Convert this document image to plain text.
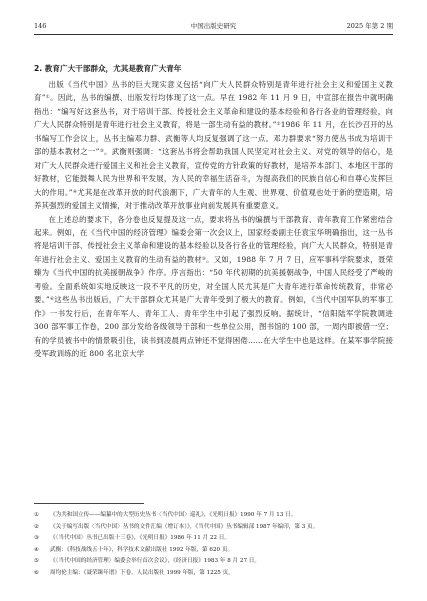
146	中国出版史研究	2025 年第 2 期
2. 教育广大干部群众，尤其是教育广大青年

出版《当代中国》丛书的巨大现实意义包括“向广大人民群众特别是青年进行社会主义和爱国主义教育”①。因此，丛书的编撰、出版发行均体现了这一点。早在 1982 年 11 月 9 日，中宣部在报告中就明确指出：“编写好这套丛书，对于培训干部、传授社会主义革命和建设的基本经验和各行各业的管理经验，向广大人民群众特别是青年进行社会主义教育，将是一部生动有益的教材。”②1986 年 11 月，在长沙召开的丛书编写工作会议上，丛书主编邓力群、武衡等人均反复强调了这一点。邓力群要求“努力使丛书成为培训干部的基本教材之一”③。武衡则强调：“这套丛书将会帮助我国人民坚定对社会主义、对党的领导的信心，是对广大人民群众进行爱国主义和社会主义教育，宣传党的方针政策的好教材，是培养本部门、本地区干部的好教材，它能鼓舞人民为世界和平发展，为人民的幸福生活奋斗，为提高我们的民族自信心和自尊心发挥巨大的作用。”④尤其是在改革开放的时代浪潮下，广大青年的人生观、世界观、价值观也处于新的塑造期，培养其强烈的爱国主义情操，对于推动改革开放事业向前发展具有重要意义。

在上述总的要求下，各分卷也反复提及这一点，要求将丛书的编撰与干部教育、青年教育工作紧密结合起来。例如，在《当代中国的经济管理》编委会第一次会议上，国家经委副主任袁宝华明确指出，这一丛书将是培训干部、传授社会主义革命和建设的基本经验以及各行各业的管理经验，向广大人民群众，特别是青年进行社会主义、爱国主义教育的生动有益的教材⑤。又如，1988 年 7 月 7 日，应军事科学院要求，聂荣臻为《当代中国的抗美援朝战争》作序。序言指出：“50 年代初期的抗美援朝战争，中国人民经受了严峻的考验。全面系统如实地反映这一段不平凡的历史，对全国人民尤其是广大青年进行革命传统教育，非常必要。”⑥这些丛书出版后，广大干部群众尤其是广大青年受到了极大的教育。例如，《当代中国军队的军事工作》一书发行后，在青年军人、青年工人、青年学生中引起了强烈反响。据统计，“信阳陆军学院教调进 300 部军事工作卷，200 部分发给各级领导干部和一些单位公用，图书馆的 100 部，一周内即被借一空；有的学员被书中的情景吸引住，读书到凌晨两点钟还不觉得困倦……在大学生中也是这样。在某军事学院接受军政训练的近 800 名北京大学

① 《为共和国立传——编纂中的大型历史丛书〈当代中国〉巡礼》，《光明日报》1990 年 7 月 13 日。
② 《关于编写出版〈当代中国〉丛书的文件汇编（增订本）》，《当代中国》丛书编辑部 1987 年编印，第 3 页。
③ 《〈当代中国〉丛书已出版十三卷》，《光明日报》1986 年 11 月 22 日。
④ 武衡：《科技战线五十年》，科学技术文献出版社 1992 年版，第 620 页。
⑤ 《〈当代中国的经济管理〉编委会举行首次会议》，《经济日报》1983 年 8 月 27 日。
⑥ 周均伦主编：《聂荣臻年谱》下卷，人民出版社 1999 年版，第 1225 页。
